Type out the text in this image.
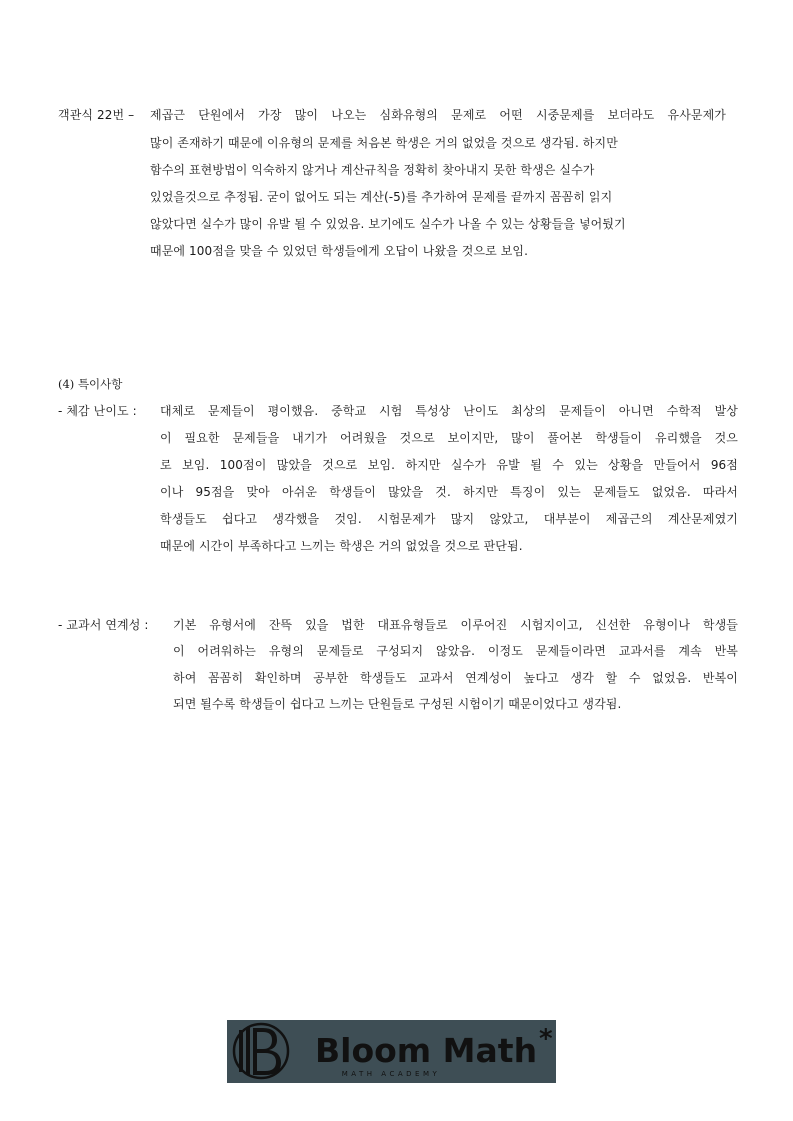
객관식 22번 – 제곱근 단원에서 가장 많이 나오는 심화유형의 문제로 어떤 시중문제를 보더라도 유사문제가
많이 존재하기 때문에 이유형의 문제를 처음본 학생은 거의 없었을 것으로 생각됨. 하지만
함수의 표현방법이 익숙하지 않거나 계산규칙을 정확히 찾아내지 못한 학생은 실수가
있었을것으로 추정됨. 굳이 없어도 되는 계산(-5)를 추가하여 문제를 끝까지 꼼꼼히 읽지
않았다면 실수가 많이 유발 될 수 있었음. 보기에도 실수가 나올 수 있는 상황들을 넣어뒀기
때문에 100점을 맞을 수 있었던 학생들에게 오답이 나왔을 것으로 보임.
(4) 특이사항
- 체감 난이도 : 대체로 문제들이 평이했음. 중학교 시험 특성상 난이도 최상의 문제들이 아니면 수학적 발상
이 필요한 문제들을 내기가 어려웠을 것으로 보이지만, 많이 풀어본 학생들이 유리했을 것으
로 보임. 100점이 많았을 것으로 보임. 하지만 실수가 유발 될 수 있는 상황을 만들어서 96점
이나 95점을 맞아 아쉬운 학생들이 많았을 것. 하지만 특징이 있는 문제들도 없었음. 따라서
학생들도 쉽다고 생각했을 것임. 시험문제가 많지 않았고, 대부분이 제곱근의 계산문제였기
때문에 시간이 부족하다고 느끼는 학생은 거의 없었을 것으로 판단됨.
- 교과서 연계성 : 기본 유형서에 잔뜩 있을 법한 대표유형들로 이루어진 시험지이고, 신선한 유형이나 학생들
이 어려워하는 유형의 문제들로 구성되지 않았음. 이정도 문제들이라면 교과서를 계속 반복
하여 꼼꼼히 확인하며 공부한 학생들도 교과서 연계성이 높다고 생각 할 수 없었음. 반복이
되면 될수록 학생들이 쉽다고 느끼는 단원들로 구성된 시험이기 때문이었다고 생각됨.
Bloom Math *
MATH ACADEMY
